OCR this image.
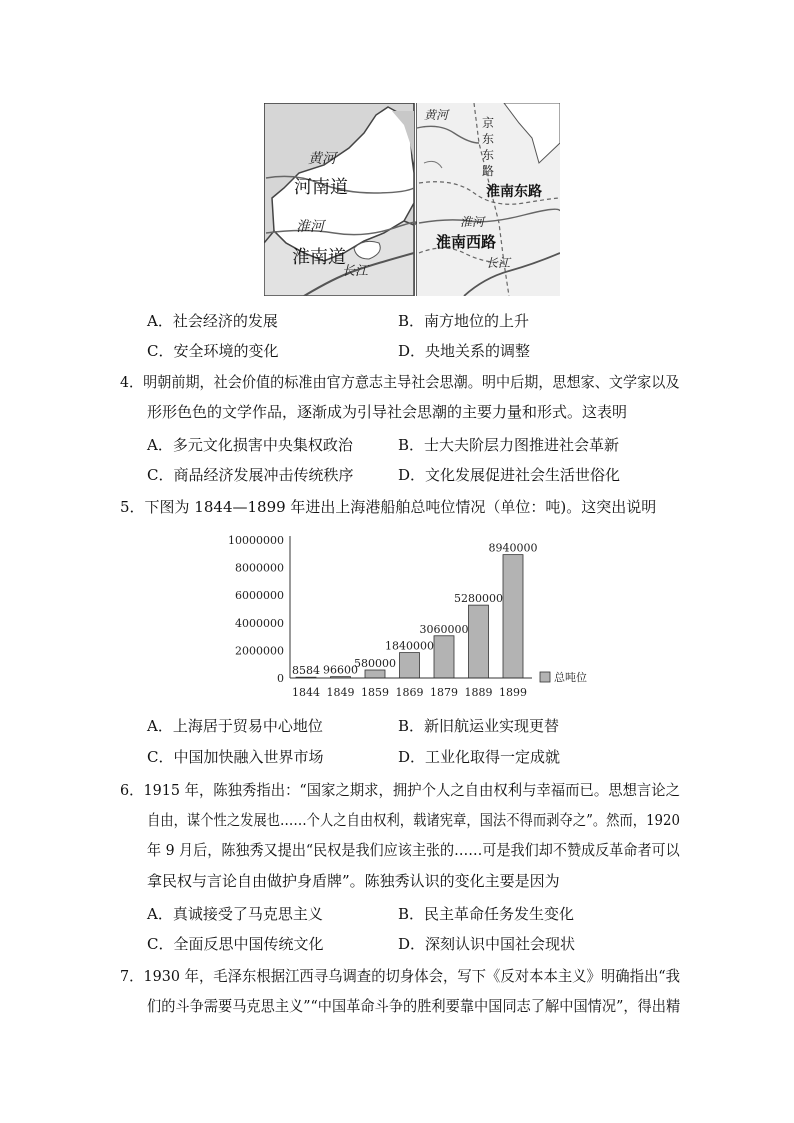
黄河
河南道
淮河
淮南道
长江
黄河
京
东
东
路
淮南东路
淮河
淮南西路
长江
A．社会经济的发展	B．南方地位的上升
C．安全环境的变化	D．央地关系的调整
4．明朝前期，社会价值的标准由官方意志主导社会思潮。明中后期，思想家、文学家以及
形形色色的文学作品，逐渐成为引导社会思潮的主要力量和形式。这表明
A．多元文化损害中央集权政治	B．士大夫阶层力图推进社会革新
C．商品经济发展冲击传统秩序	D．文化发展促进社会生活世俗化
5．下图为 1844—1899 年进出上海港船舶总吨位情况（单位：吨)。这突出说明
0
2000000
4000000
6000000
8000000
10000000
8584 96600
580000
1840000
3060000
5280000
8940000
1844 1849 1859 1869 1879 1889 1899
总吨位
A．上海居于贸易中心地位	B．新旧航运业实现更替
C．中国加快融入世界市场	D．工业化取得一定成就
6．1915 年，陈独秀指出：“国家之期求，拥护个人之自由权利与幸福而已。思想言论之
自由，谋个性之发展也……个人之自由权利，载诸宪章，国法不得而剥夺之”。然而，1920
年 9 月后，陈独秀又提出“民权是我们应该主张的……可是我们却不赞成反革命者可以
拿民权与言论自由做护身盾牌”。陈独秀认识的变化主要是因为
A．真诚接受了马克思主义	B．民主革命任务发生变化
C．全面反思中国传统文化	D．深刻认识中国社会现状
7．1930 年，毛泽东根据江西寻乌调查的切身体会，写下《反对本本主义》明确指出“我
们的斗争需要马克思主义”“中国革命斗争的胜利要靠中国同志了解中国情况”，得出精
